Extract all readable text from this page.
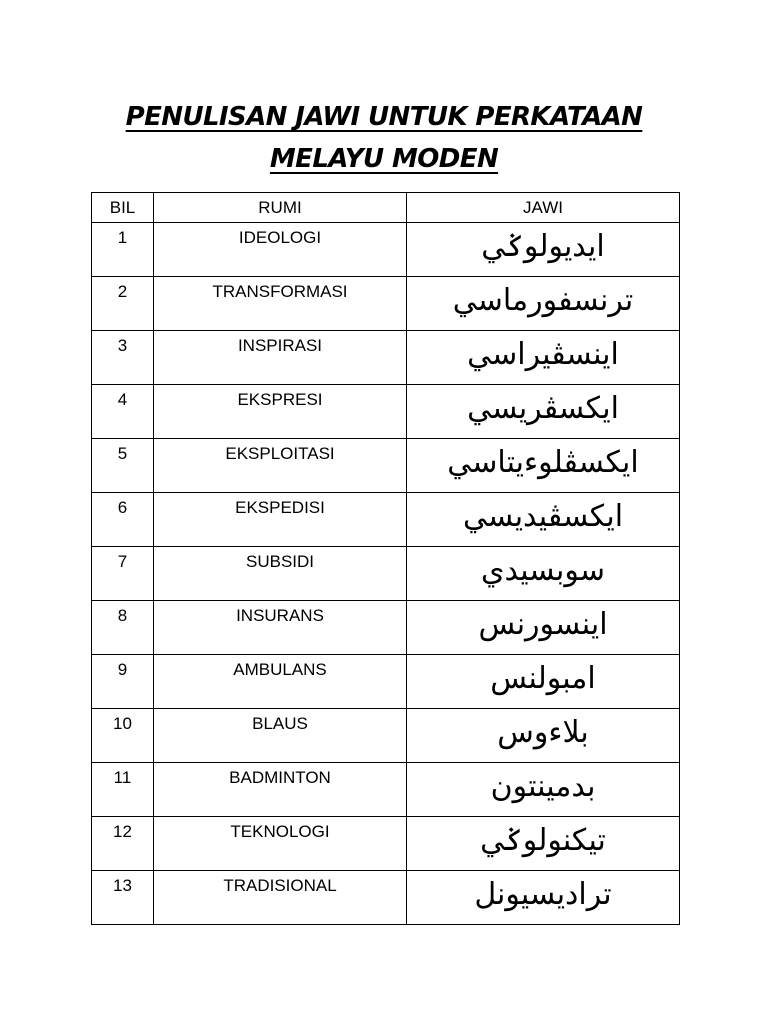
PENULISAN JAWI UNTUK PERKATAAN
MELAYU MODEN
BIL	RUMI	JAWI

1	IDEOLOGI	ايديولوݢي

2	TRANSFORMASI	ترنسفورماسي

3	INSPIRASI	اينسڤيراسي

4	EKSPRESI	ايکسڤريسي

5	EKSPLOITASI	ايکسڤلوءيتاسي

6	EKSPEDISI	ايکسڤيديسي

7	SUBSIDI	سوبسيدي

8	INSURANS	اينسورنس

9	AMBULANS	امبولنس

10	BLAUS	بلاءوس

11	BADMINTON	بدمينتون

12	TEKNOLOGI	تيکنولوݢي

13	TRADISIONAL	تراديسيونل
